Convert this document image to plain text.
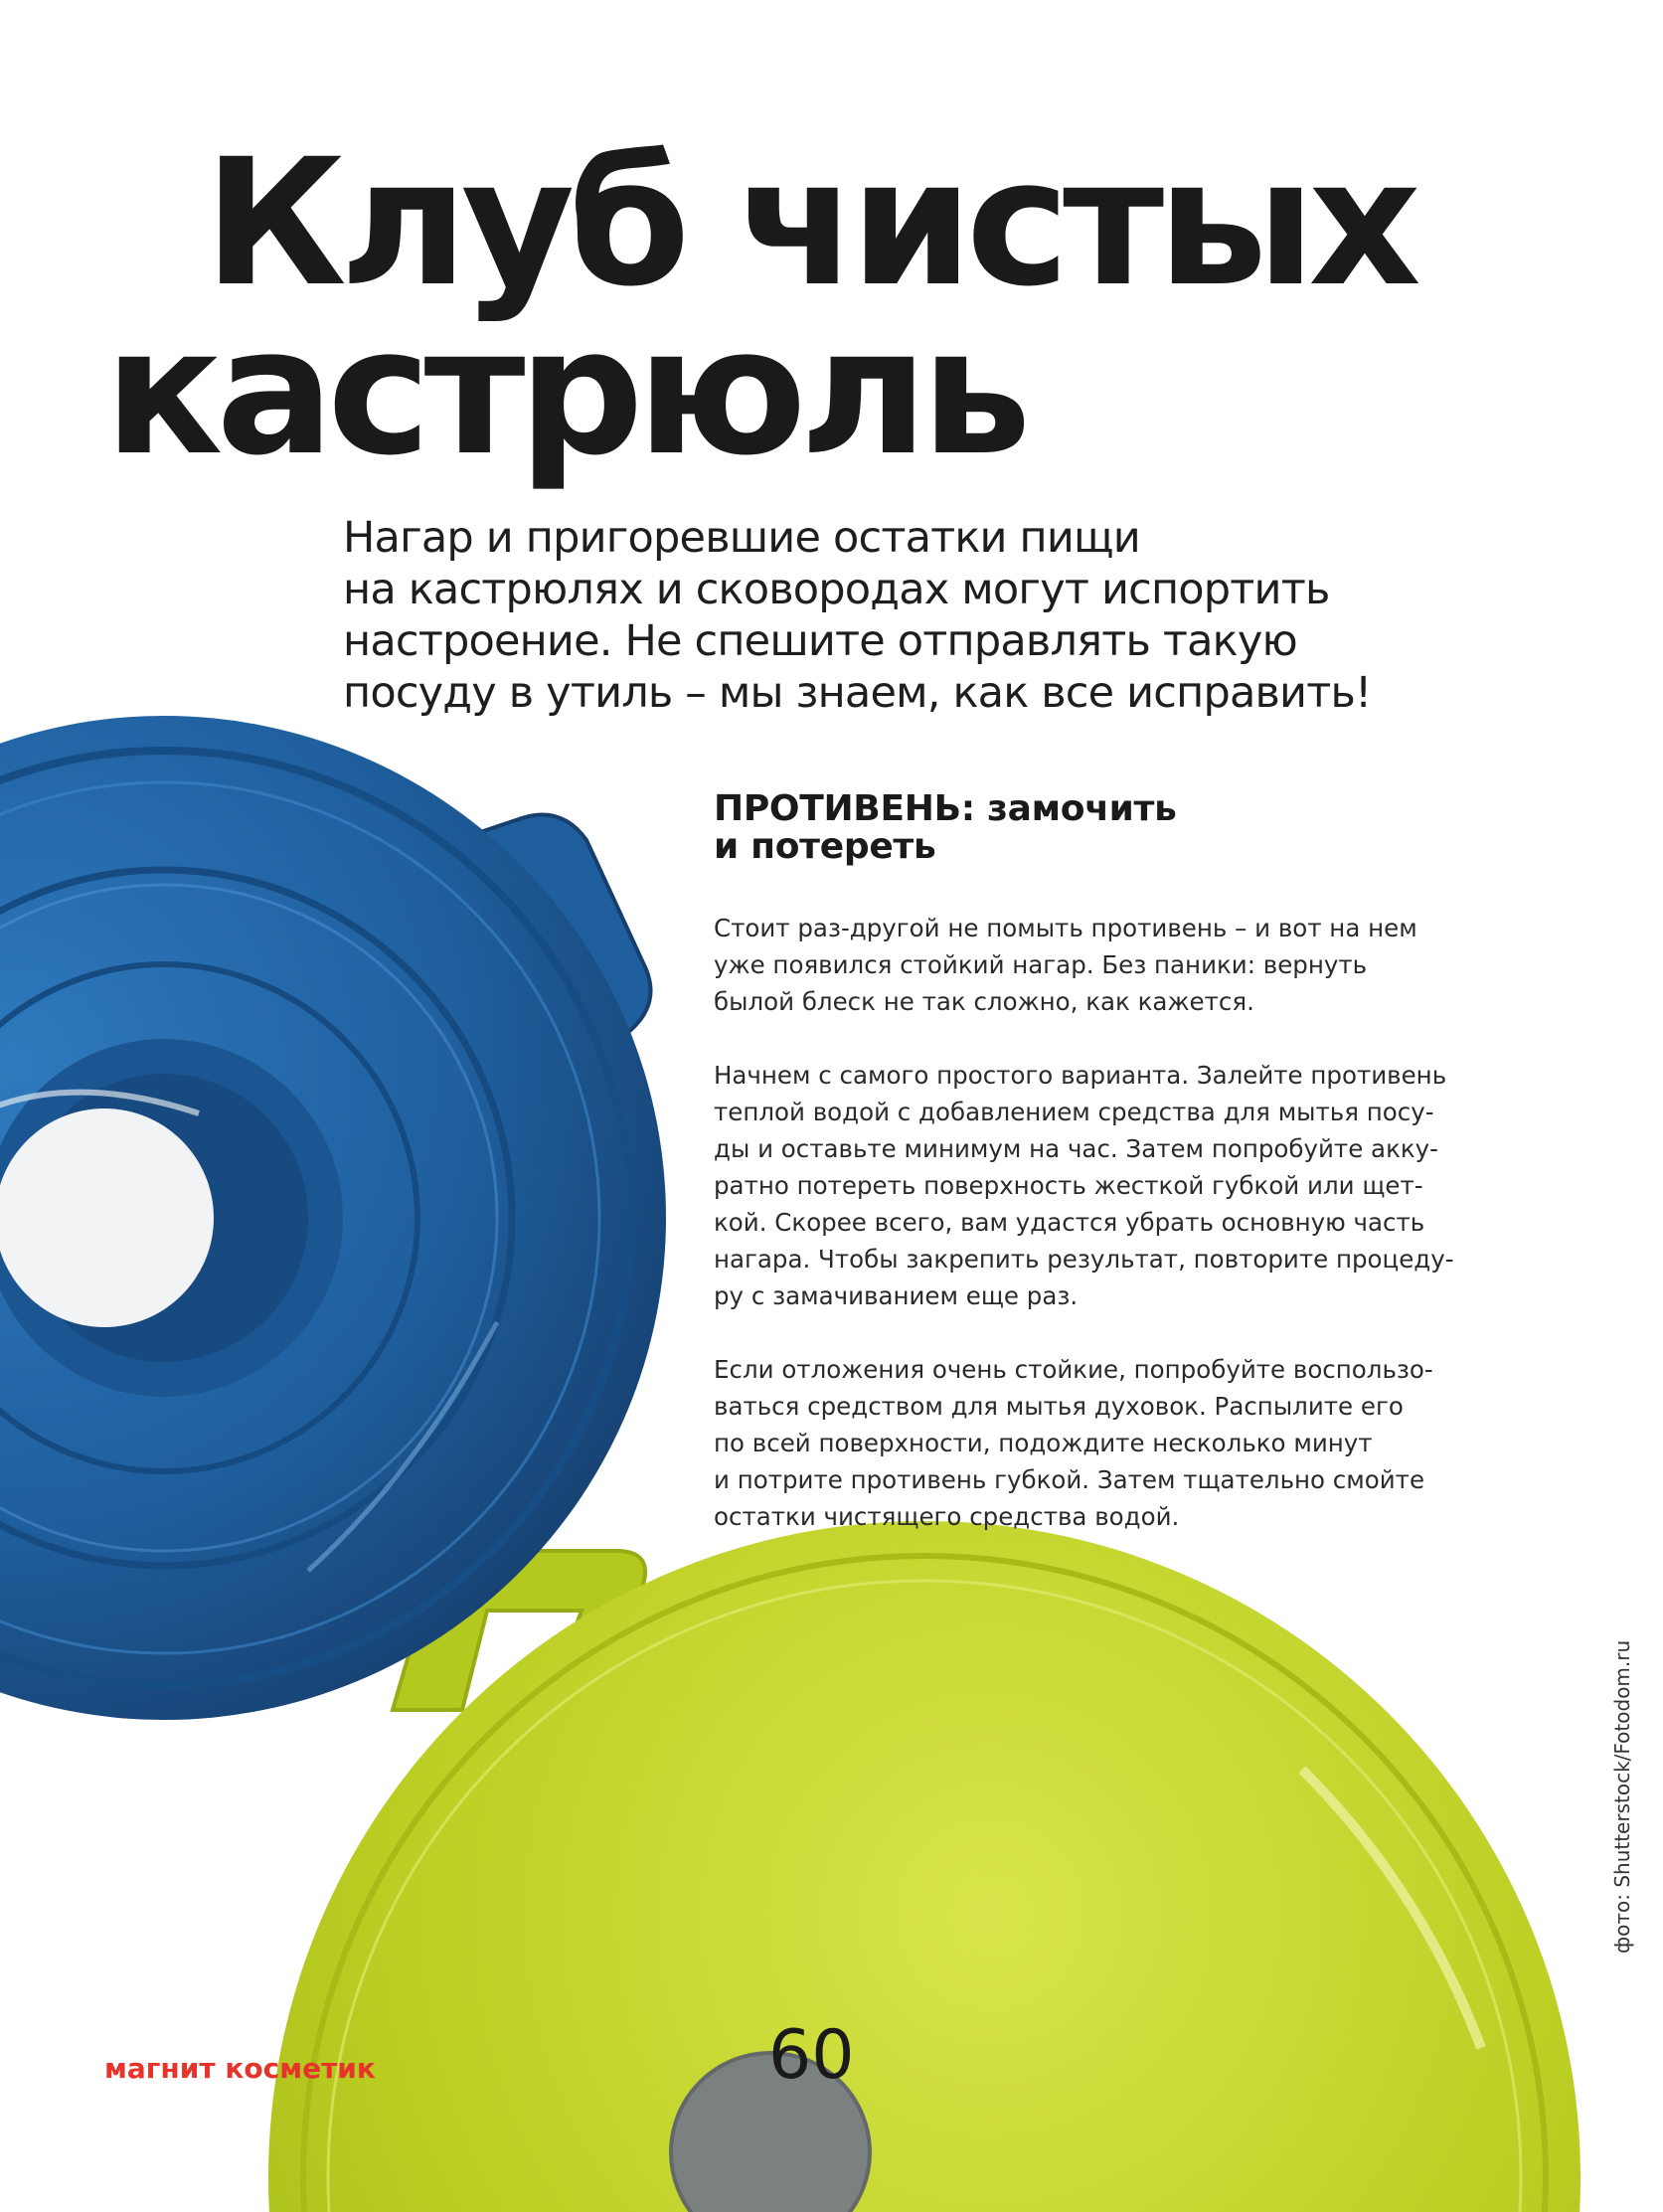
Клуб чистых
кастрюль

Нагар и пригоревшие остатки пищи
на кастрюлях и сковородах могут испортить
настроение. Не спешите отправлять такую
посуду в утиль – мы знаем, как все исправить!

ПРОТИВЕНЬ: замочить
и потереть

Стоит раз-другой не помыть противень – и вот на нем
уже появился стойкий нагар. Без паники: вернуть
былой блеск не так сложно, как кажется.

Начнем с самого простого варианта. Залейте противень
теплой водой с добавлением средства для мытья посу-
ды и оставьте минимум на час. Затем попробуйте акку-
ратно потереть поверхность жесткой губкой или щет-
кой. Скорее всего, вам удастся убрать основную часть
нагара. Чтобы закрепить результат, повторите процеду-
ру с замачиванием еще раз.

Если отложения очень стойкие, попробуйте воспользо-
ваться средством для мытья духовок. Распылите его
по всей поверхности, подождите несколько минут
и потрите противень губкой. Затем тщательно смойте
остатки чистящего средства водой.

магнит косметик	60
фото: Shutterstock/Fotodom.ru
